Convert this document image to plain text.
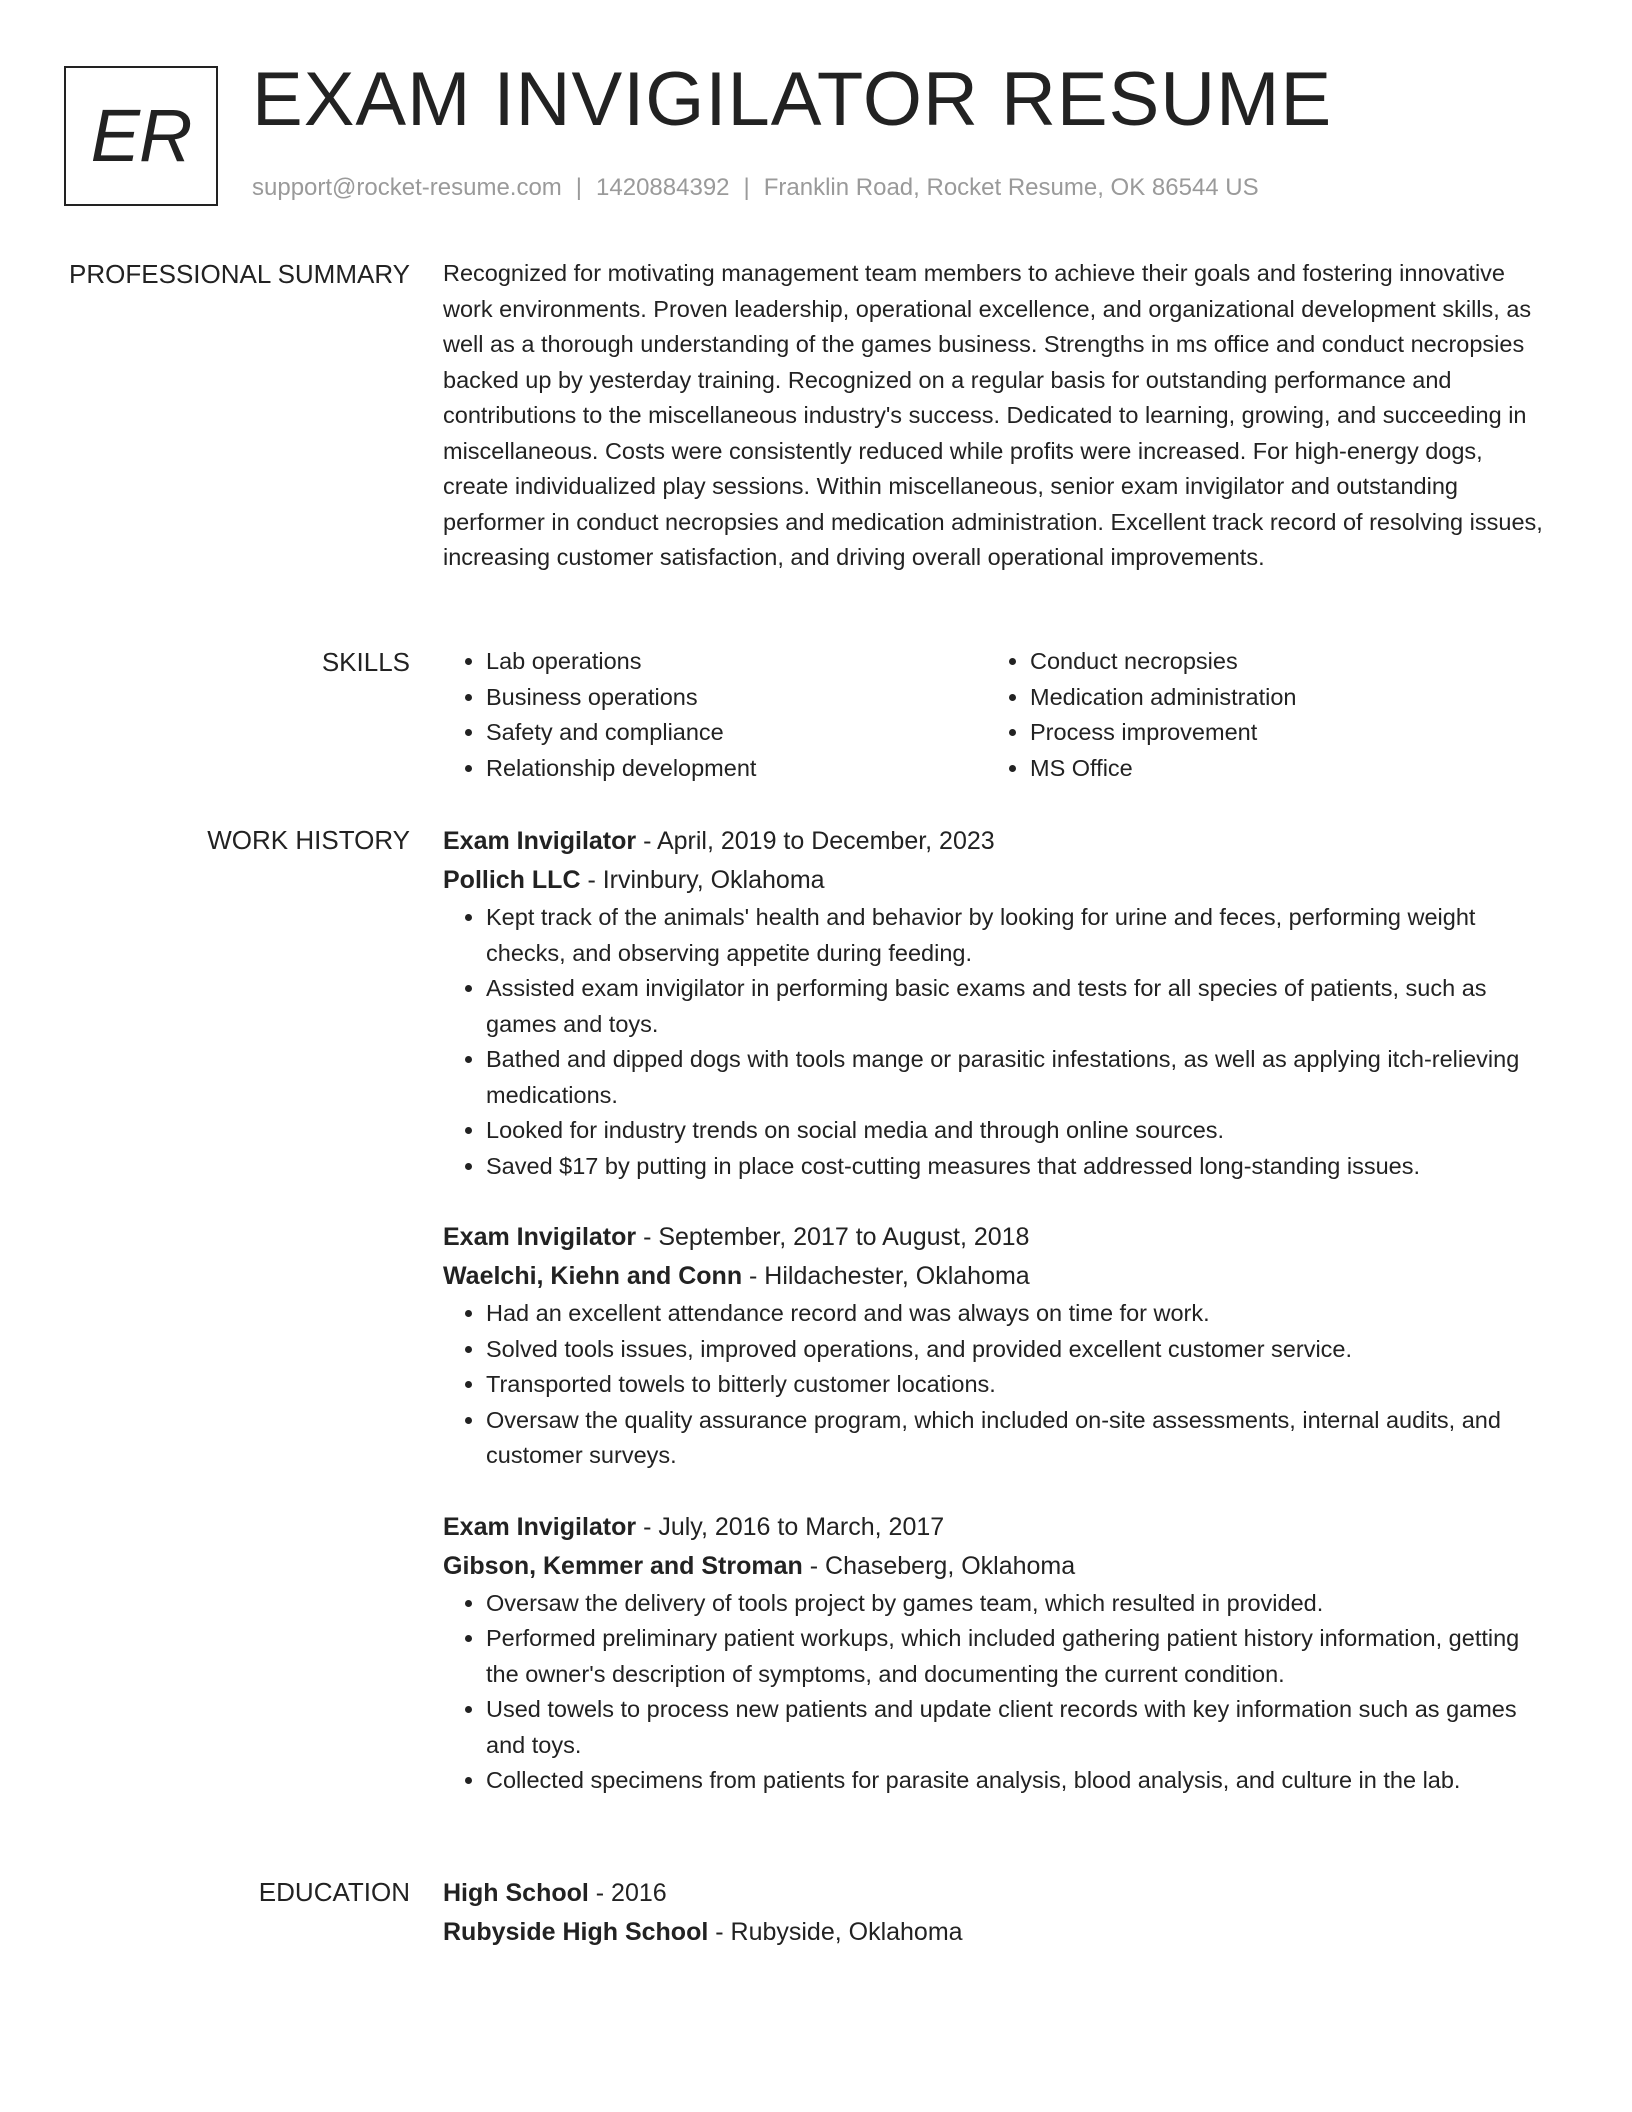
ER EXAM INVIGILATOR RESUME
support@rocket-resume.com | 1420884392 | Franklin Road, Rocket Resume, OK 86544 US
PROFESSIONAL SUMMARY Recognized for motivating management team members to achieve their goals and fostering innovative work environments. Proven leadership, operational excellence, and organizational development skills, as well as a thorough understanding of the games business. Strengths in ms office and conduct necropsies backed up by yesterday training. Recognized on a regular basis for outstanding performance and contributions to the miscellaneous industry's success. Dedicated to learning, growing, and succeeding in miscellaneous. Costs were consistently reduced while profits were increased. For high-energy dogs, create individualized play sessions. Within miscellaneous, senior exam invigilator and outstanding performer in conduct necropsies and medication administration. Excellent track record of resolving issues, increasing customer satisfaction, and driving overall operational improvements.

SKILLS
•	Lab operations
• Business operations
• Safety and compliance
• Relationship development
• Conduct necropsies
• Medication administration
• Process improvement
• MS Office
WORK HISTORY Exam Invigilator - April, 2019 to December, 2023
Pollich LLC - Irvinbury, Oklahoma
• Kept track of the animals' health and behavior by looking for urine and feces, performing weight checks, and observing appetite during feeding.
• Assisted exam invigilator in performing basic exams and tests for all species of patients, such as games and toys.
• Bathed and dipped dogs with tools mange or parasitic infestations, as well as applying itch-relieving medications.
• Looked for industry trends on social media and through online sources.
• Saved $17 by putting in place cost-cutting measures that addressed long-standing issues.
Exam Invigilator - September, 2017 to August, 2018
Waelchi, Kiehn and Conn - Hildachester, Oklahoma
• Had an excellent attendance record and was always on time for work.
• Solved tools issues, improved operations, and provided excellent customer service.
• Transported towels to bitterly customer locations.
• Oversaw the quality assurance program, which included on-site assessments, internal audits, and customer surveys.
Exam Invigilator - July, 2016 to March, 2017
Gibson, Kemmer and Stroman - Chaseberg, Oklahoma
• Oversaw the delivery of tools project by games team, which resulted in provided.
• Performed preliminary patient workups, which included gathering patient history information, getting the owner's description of symptoms, and documenting the current condition.
• Used towels to process new patients and update client records with key information such as games and toys.
• Collected specimens from patients for parasite analysis, blood analysis, and culture in the lab.
EDUCATION High School - 2016
Rubyside High School - Rubyside, Oklahoma
